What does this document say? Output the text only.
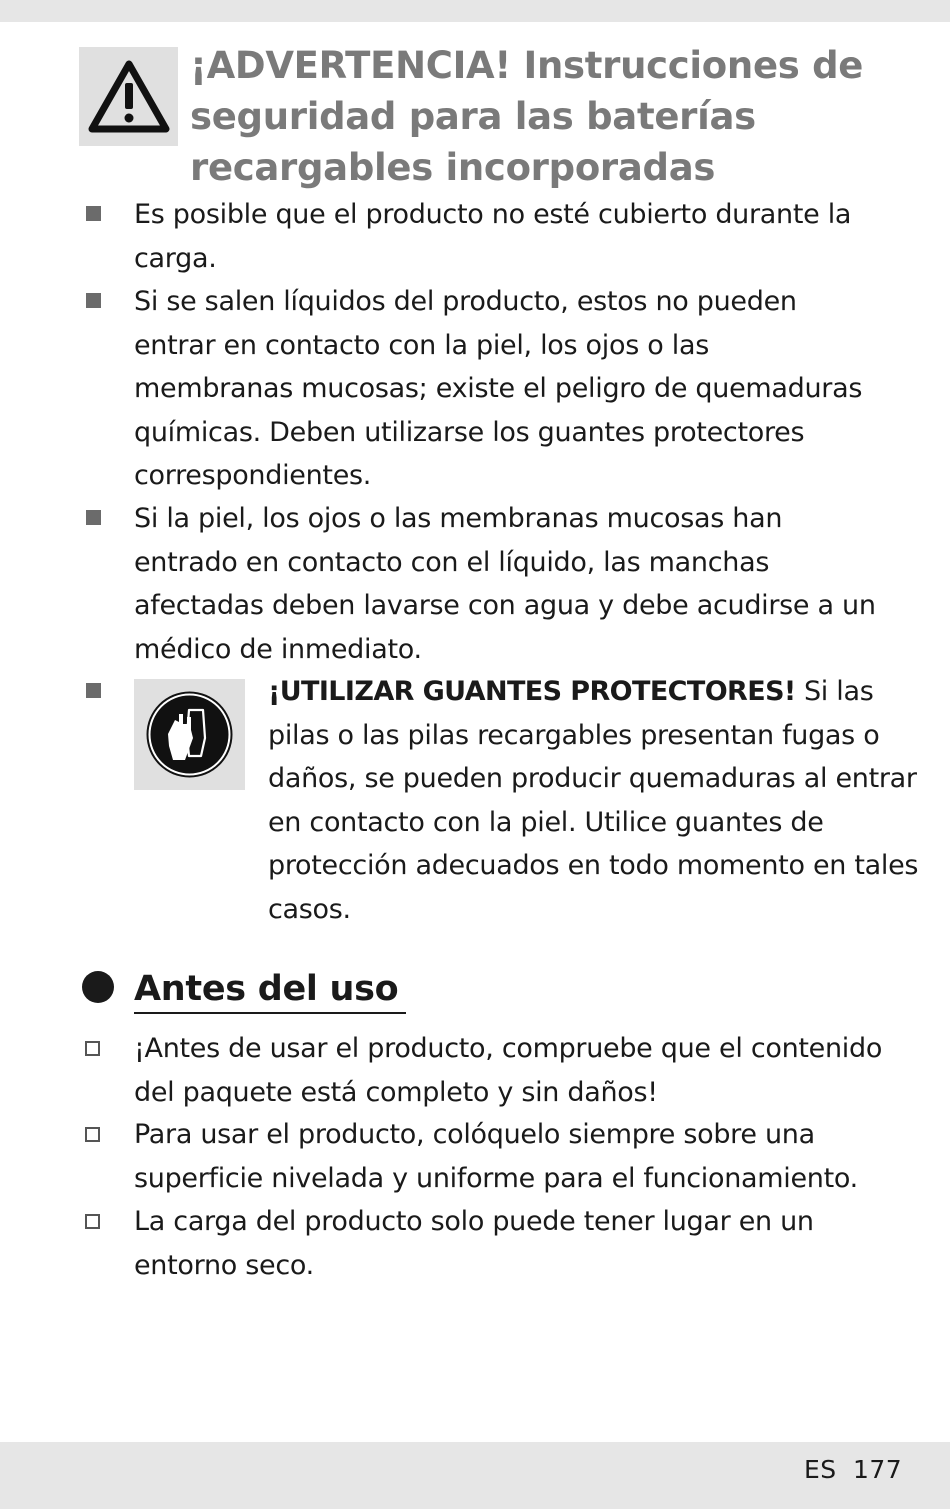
¡ADVERTENCIA! Instrucciones de seguridad para las baterías recargables incorporadas

Es posible que el producto no esté cubierto durante la
carga.

Si se salen líquidos del producto, estos no pueden
entrar en contacto con la piel, los ojos o las
membranas mucosas; existe el peligro de quemaduras
químicas. Deben utilizarse los guantes protectores
correspondientes.

Si la piel, los ojos o las membranas mucosas han
entrado en contacto con el líquido, las manchas
afectadas deben lavarse con agua y debe acudirse a un
médico de inmediato.

¡UTILIZAR GUANTES PROTECTORES! Si las pilas o las pilas recargables presentan fugas o daños, se pueden producir quemaduras al entrar en contacto con la piel. Utilice guantes de protección adecuados en todo momento en tales casos.

Antes del uso

¡Antes de usar el producto, compruebe que el contenido
del paquete está completo y sin daños!

Para usar el producto, colóquelo siempre sobre una
superficie nivelada y uniforme para el funcionamiento.

La carga del producto solo puede tener lugar en un
entorno seco.

ES 177
